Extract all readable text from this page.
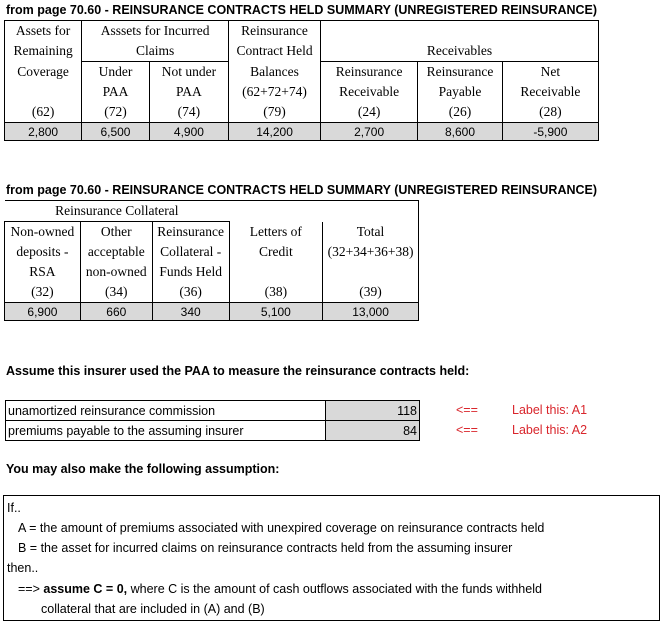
from page 70.60 - REINSURANCE CONTRACTS HELD SUMMARY (UNREGISTERED REINSURANCE)
Assets for	Asssets for Incurred		Reinsurance			
Remaining	Claims		Contract Held	Receivables		
Coverage	Under	Not under	Balances	Reinsurance	Reinsurance	Net
	PAA	PAA	(62+72+74)	Receivable	Payable	Receivable
(62)	(72)	(74)	(79)	(24)	(26)	(28)
2,800	6,500	4,900	14,200	2,700	8,600	-5,900
from page 70.60 - REINSURANCE CONTRACTS HELD SUMMARY (UNREGISTERED REINSURANCE)
Reinsurance Collateral				
Non-owned	Other	Reinsurance	Letters of	Total
deposits -	acceptable	Collateral -	Credit	(32+34+36+38)
RSA	non-owned	Funds Held		
(32)	(34)	(36)	(38)	(39)
6,900	660	340	5,100	13,000
Assume this insurer used the PAA to measure the reinsurance contracts held:
unamortized reinsurance commission	118
premiums payable to the assuming insurer	84
<==	Label this: A1
<==	Label this: A2
You may also make the following assumption:
If..
A = the amount of premiums associated with unexpired coverage on reinsurance contracts held
B = the asset for incurred claims on reinsurance contracts held from the assuming insurer
then..
==> assume C = 0, where C is the amount of cash outflows associated with the funds withheld
collateral that are included in (A) and (B)
